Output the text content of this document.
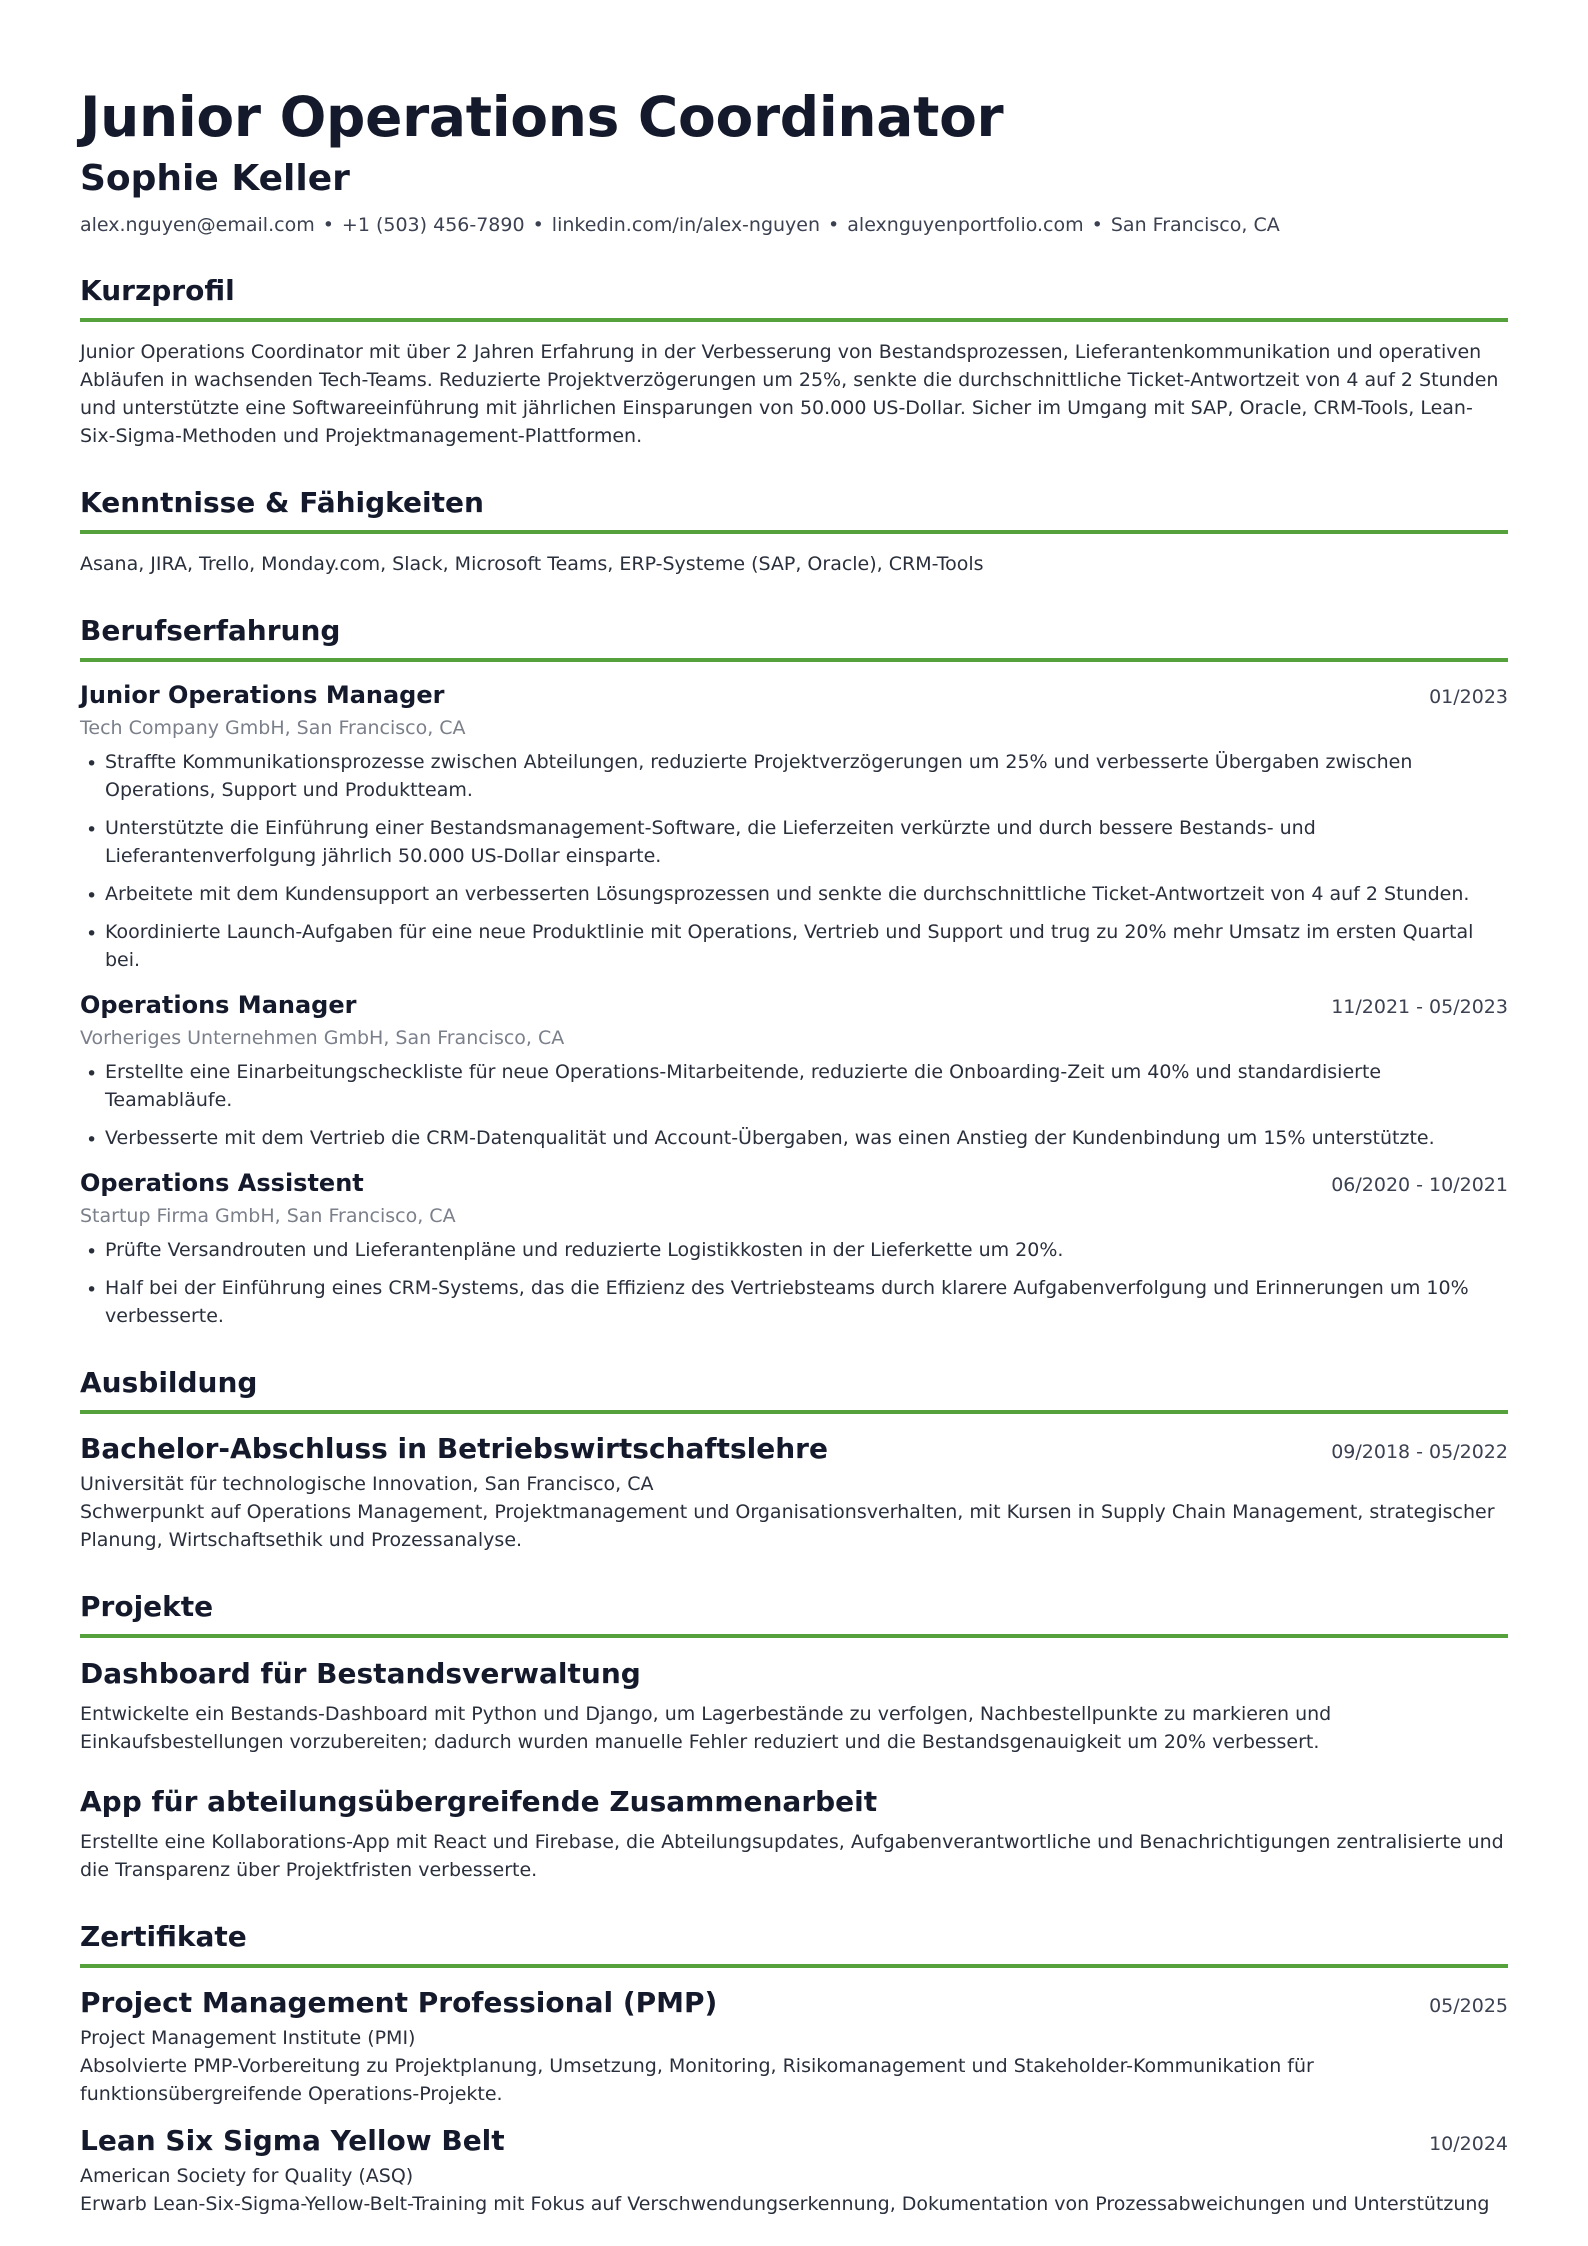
Junior Operations Coordinator
Sophie Keller

alex.nguyen@email.com • +1 (503) 456-7890 • linkedin.com/in/alex-nguyen • alexnguyenportfolio.com • San Francisco, CA

Kurzprofil

Junior Operations Coordinator mit über 2 Jahren Erfahrung in der Verbesserung von Bestandsprozessen, Lieferantenkommunikation und operativen Abläufen in wachsenden Tech-Teams. Reduzierte Projektverzögerungen um 25%, senkte die durchschnittliche Ticket-Antwortzeit von 4 auf 2 Stunden und unterstützte eine Softwareeinführung mit jährlichen Einsparungen von 50.000 US-Dollar. Sicher im Umgang mit SAP, Oracle, CRM-Tools, Lean-Six-Sigma-Methoden und Projektmanagement-Plattformen.

Kenntnisse & Fähigkeiten

Asana, JIRA, Trello, Monday.com, Slack, Microsoft Teams, ERP-Systeme (SAP, Oracle), CRM-Tools

Berufserfahrung
Junior Operations Manager	01/2023
Tech Company GmbH, San Francisco, CA
• Straffte Kommunikationsprozesse zwischen Abteilungen, reduzierte Projektverzögerungen um 25% und verbesserte Übergaben zwischen Operations, Support und Produktteam.
• Unterstützte die Einführung einer Bestandsmanagement-Software, die Lieferzeiten verkürzte und durch bessere Bestands- und Lieferantenverfolgung jährlich 50.000 US-Dollar einsparte.
• Arbeitete mit dem Kundensupport an verbesserten Lösungsprozessen und senkte die durchschnittliche Ticket-Antwortzeit von 4 auf 2 Stunden.
• Koordinierte Launch-Aufgaben für eine neue Produktlinie mit Operations, Vertrieb und Support und trug zu 20% mehr Umsatz im ersten Quartal bei.
Operations Manager	11/2021 - 05/2023
Vorheriges Unternehmen GmbH, San Francisco, CA
• Erstellte eine Einarbeitungscheckliste für neue Operations-Mitarbeitende, reduzierte die Onboarding-Zeit um 40% und standardisierte Teamabläufe.
• Verbesserte mit dem Vertrieb die CRM-Datenqualität und Account-Übergaben, was einen Anstieg der Kundenbindung um 15% unterstützte.
Operations Assistent	06/2020 - 10/2021
Startup Firma GmbH, San Francisco, CA
• Prüfte Versandrouten und Lieferantenpläne und reduzierte Logistikkosten in der Lieferkette um 20%.
• Half bei der Einführung eines CRM-Systems, das die Effizienz des Vertriebsteams durch klarere Aufgabenverfolgung und Erinnerungen um 10% verbesserte.
Ausbildung
Bachelor-Abschluss in Betriebswirtschaftslehre	09/2018 - 05/2022
Universität für technologische Innovation, San Francisco, CA

Schwerpunkt auf Operations Management, Projektmanagement und Organisationsverhalten, mit Kursen in Supply Chain Management, strategischer Planung, Wirtschaftsethik und Prozessanalyse.

Projekte
Dashboard für Bestandsverwaltung

Entwickelte ein Bestands-Dashboard mit Python und Django, um Lagerbestände zu verfolgen, Nachbestellpunkte zu markieren und Einkaufsbestellungen vorzubereiten; dadurch wurden manuelle Fehler reduziert und die Bestandsgenauigkeit um 20% verbessert.

App für abteilungsübergreifende Zusammenarbeit

Erstellte eine Kollaborations-App mit React und Firebase, die Abteilungsupdates, Aufgabenverantwortliche und Benachrichtigungen zentralisierte und die Transparenz über Projektfristen verbesserte.

Zertifikate
Project Management Professional (PMP)	05/2025
Project Management Institute (PMI)

Absolvierte PMP-Vorbereitung zu Projektplanung, Umsetzung, Monitoring, Risikomanagement und Stakeholder-Kommunikation für funktionsübergreifende Operations-Projekte.

Lean Six Sigma Yellow Belt	10/2024
American Society for Quality (ASQ)

Erwarb Lean-Six-Sigma-Yellow-Belt-Training mit Fokus auf Verschwendungserkennung, Dokumentation von Prozessabweichungen und Unterstützung
